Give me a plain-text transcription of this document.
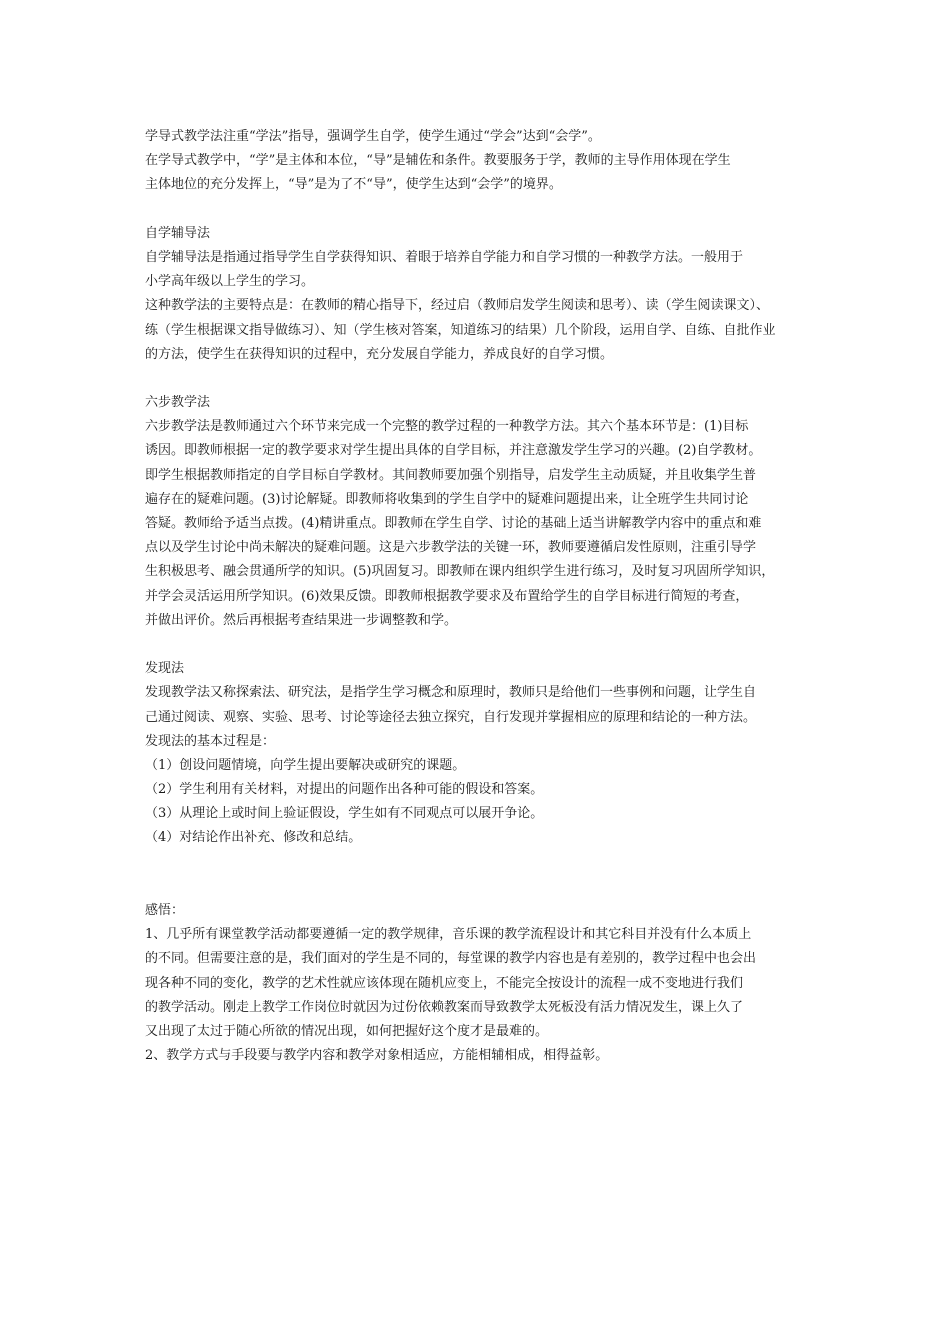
学导式教学法注重“学法”指导，强调学生自学，使学生通过“学会”达到“会学”。
在学导式教学中，“学”是主体和本位，“导”是辅佐和条件。教要服务于学，教师的主导作用体现在学生
主体地位的充分发挥上，“导”是为了不“导”，使学生达到“会学”的境界。
自学辅导法
自学辅导法是指通过指导学生自学获得知识、着眼于培养自学能力和自学习惯的一种教学方法。一般用于
小学高年级以上学生的学习。
这种教学法的主要特点是：在教师的精心指导下，经过启（教师启发学生阅读和思考）、读（学生阅读课文）、
练（学生根据课文指导做练习）、知（学生核对答案，知道练习的结果）几个阶段，运用自学、自练、自批作业
的方法，使学生在获得知识的过程中，充分发展自学能力，养成良好的自学习惯。
六步教学法
六步教学法是教师通过六个环节来完成一个完整的教学过程的一种教学方法。其六个基本环节是：(1)目标
诱因。即教师根据一定的教学要求对学生提出具体的自学目标，并注意激发学生学习的兴趣。(2)自学教材。
即学生根据教师指定的自学目标自学教材。其间教师要加强个别指导，启发学生主动质疑，并且收集学生普
遍存在的疑难问题。(3)讨论解疑。即教师将收集到的学生自学中的疑难问题提出来，让全班学生共同讨论
答疑。教师给予适当点拨。(4)精讲重点。即教师在学生自学、讨论的基础上适当讲解教学内容中的重点和难
点以及学生讨论中尚未解决的疑难问题。这是六步教学法的关键一环，教师要遵循启发性原则，注重引导学
生积极思考、融会贯通所学的知识。(5)巩固复习。即教师在课内组织学生进行练习，及时复习巩固所学知识，
并学会灵活运用所学知识。(6)效果反馈。即教师根据教学要求及布置给学生的自学目标进行简短的考查，
并做出评价。然后再根据考查结果进一步调整教和学。
发现法
发现教学法又称探索法、研究法，是指学生学习概念和原理时，教师只是给他们一些事例和问题，让学生自
己通过阅读、观察、实验、思考、讨论等途径去独立探究，自行发现并掌握相应的原理和结论的一种方法。
发现法的基本过程是：
（1）创设问题情境，向学生提出要解决或研究的课题。
（2）学生利用有关材料，对提出的问题作出各种可能的假设和答案。
（3）从理论上或时间上验证假设，学生如有不同观点可以展开争论。
（4）对结论作出补充、修改和总结。
感悟：
1、几乎所有课堂教学活动都要遵循一定的教学规律，音乐课的教学流程设计和其它科目并没有什么本质上
的不同。但需要注意的是，我们面对的学生是不同的，每堂课的教学内容也是有差别的，教学过程中也会出
现各种不同的变化，教学的艺术性就应该体现在随机应变上，不能完全按设计的流程一成不变地进行我们
的教学活动。刚走上教学工作岗位时就因为过份依赖教案而导致教学太死板没有活力情况发生，课上久了
又出现了太过于随心所欲的情况出现，如何把握好这个度才是最难的。
2、教学方式与手段要与教学内容和教学对象相适应，方能相辅相成，相得益彰。
